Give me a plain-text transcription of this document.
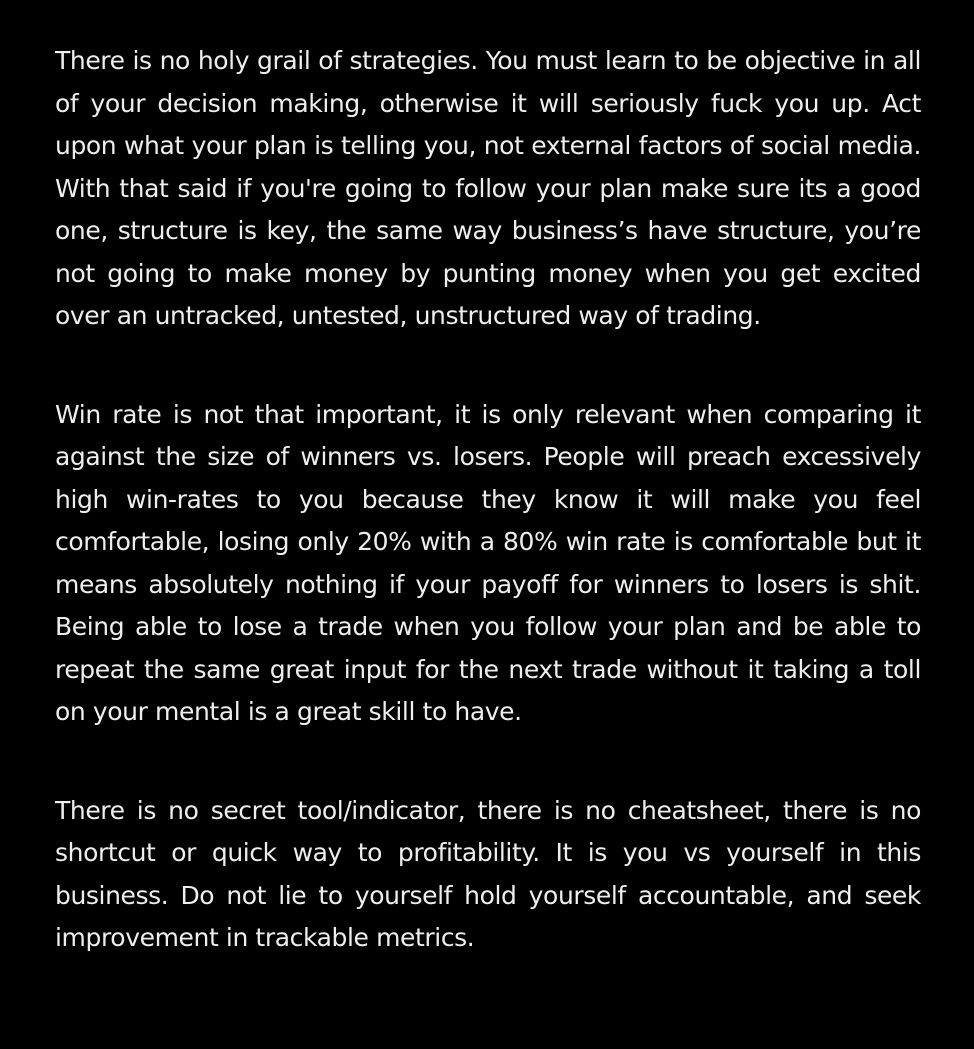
There is no holy grail of strategies. You must learn to be objective in all of your decision making, otherwise it will seriously fuck you up. Act upon what your plan is telling you, not external factors of social media. With that said if you're going to follow your plan make sure its a good one, structure is key, the same way business’s have structure, you’re not going to make money by punting money when you get excited over an untracked, untested, unstructured way of trading.

Win rate is not that important, it is only relevant when comparing it against the size of winners vs. losers. People will preach excessively high win-rates to you because they know it will make you feel comfortable, losing only 20% with a 80% win rate is comfortable but it means absolutely nothing if your payoff for winners to losers is shit. Being able to lose a trade when you follow your plan and be able to repeat the same great input for the next trade without it taking a toll on your mental is a great skill to have.

There is no secret tool/indicator, there is no cheatsheet, there is no shortcut or quick way to profitability. It is you vs yourself in this business. Do not lie to yourself hold yourself accountable, and seek improvement in trackable metrics.
